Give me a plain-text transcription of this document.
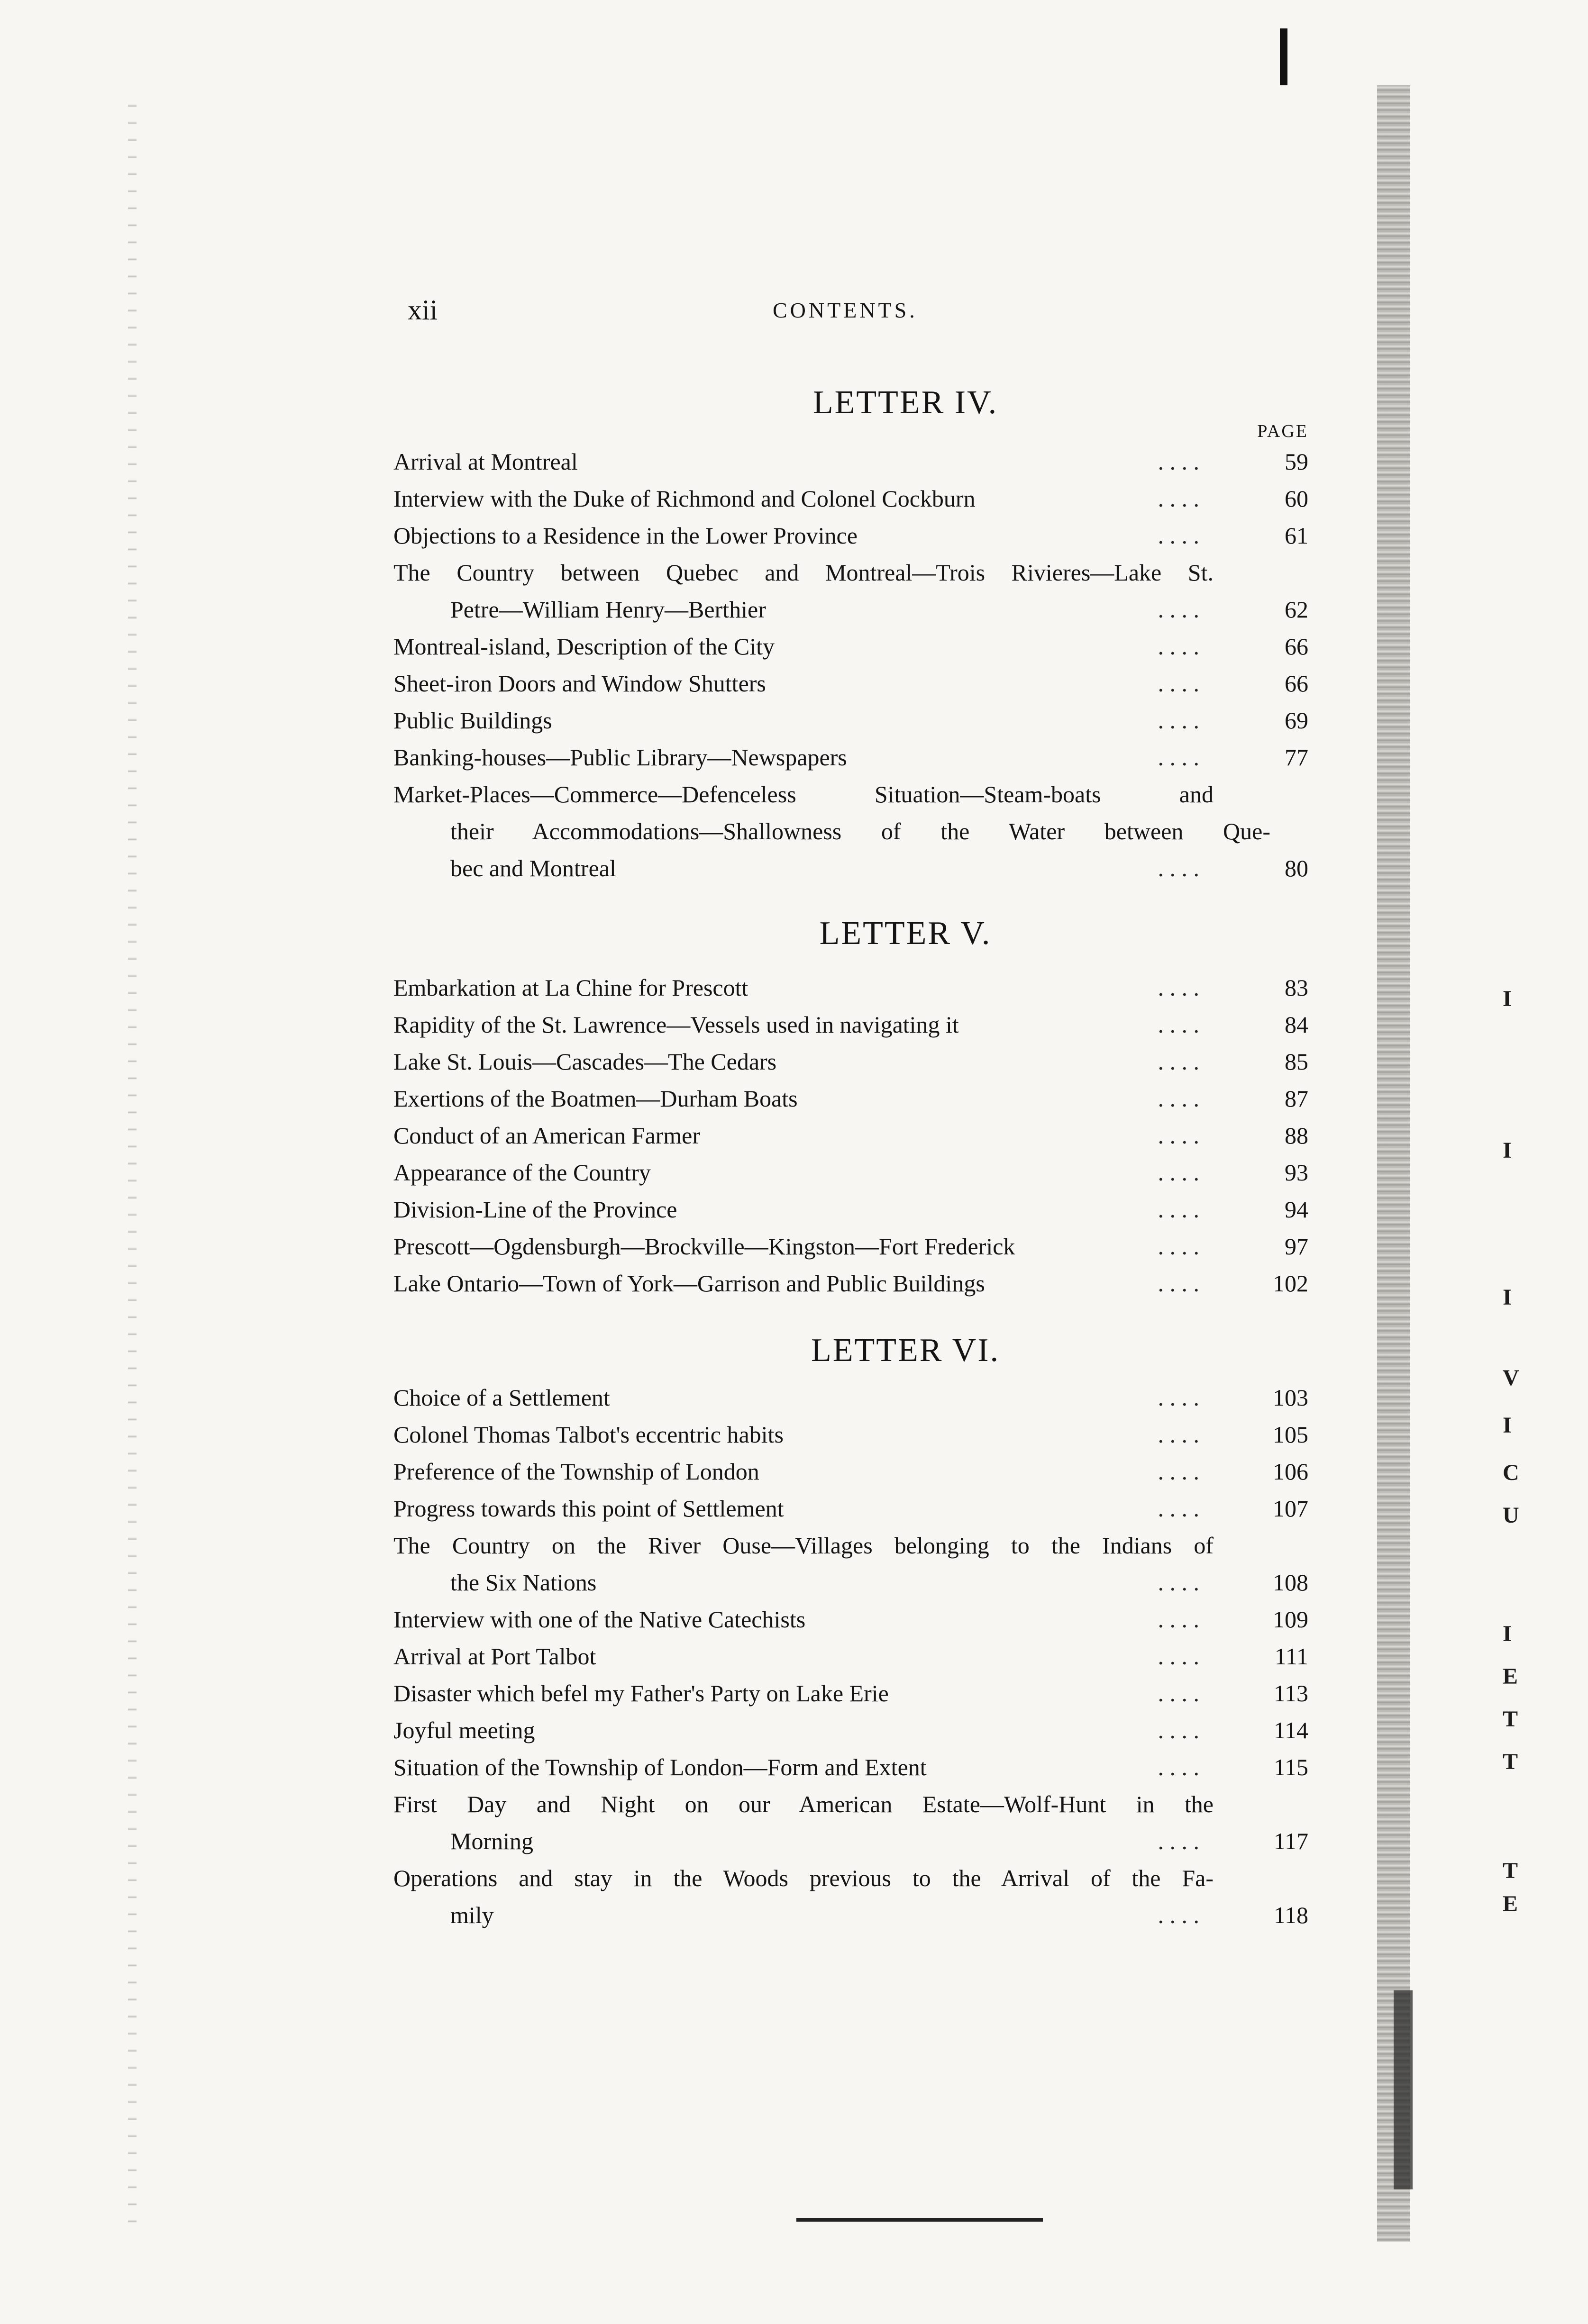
xii	CONTENTS.
PAGE
LETTER IV.
Arrival at Montreal	. . . .	59
Interview with the Duke of Richmond and Colonel Cockburn	. . . .	60
Objections to a Residence in the Lower Province	. . . .	61
The Country between Quebec and Montreal—Trois Rivieres—Lake St.
Petre—William Henry—Berthier	. . . .	62
Montreal-island, Description of the City	. . . .	66
Sheet-iron Doors and Window Shutters	. . . .	66
Public Buildings	. . . .	69
Banking-houses—Public Library—Newspapers	. . . .	77
Market-Places—Commerce—Defenceless Situation—Steam-boats and
their Accommodations—Shallowness of the Water between Que-
bec and Montreal	. . . .	80
LETTER V.
Embarkation at La Chine for Prescott	. . . .	83
Rapidity of the St. Lawrence—Vessels used in navigating it	. . . .	84
Lake St. Louis—Cascades—The Cedars	. . . .	85
Exertions of the Boatmen—Durham Boats	. . . .	87
Conduct of an American Farmer	. . . .	88
Appearance of the Country	. . . .	93
Division-Line of the Province	. . . .	94
Prescott—Ogdensburgh—Brockville—Kingston—Fort Frederick	. . . .	97
Lake Ontario—Town of York—Garrison and Public Buildings	. . . .	102
LETTER VI.
Choice of a Settlement	. . . .	103
Colonel Thomas Talbot's eccentric habits	. . . .	105
Preference of the Township of London	. . . .	106
Progress towards this point of Settlement	. . . .	107
The Country on the River Ouse—Villages belonging to the Indians of
the Six Nations	. . . .	108
Interview with one of the Native Catechists	. . . .	109
Arrival at Port Talbot	. . . .	111
Disaster which befel my Father's Party on Lake Erie	. . . .	113
Joyful meeting	. . . .	114
Situation of the Township of London—Form and Extent	. . . .	115
First Day and Night on our American Estate—Wolf-Hunt in the
Morning	. . . .	117
Operations and stay in the Woods previous to the Arrival of the Fa-
mily	. . . .	118
I
I
I
V
I
C
U
I
E
T
T
T
E
